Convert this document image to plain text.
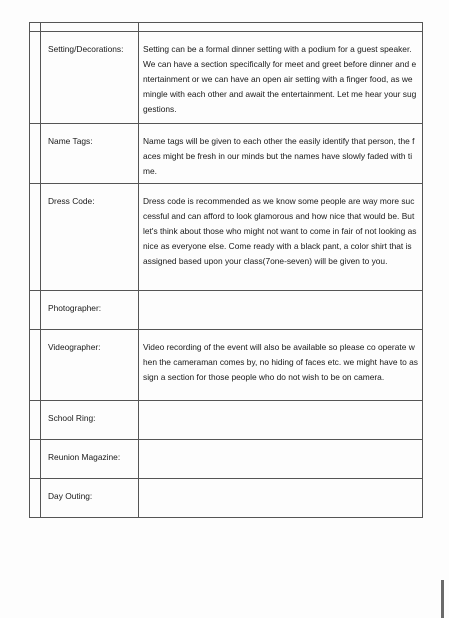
	Setting/Decorations:	Setting can be a formal dinner setting with a podium for a guest speaker. We can have a section specifically for meet and greet before dinner and entertainment or we can have an open air setting with a finger food, as we mingle with each other and await the entertainment. Let me hear your suggestions.

	Name Tags:	Name tags will be given to each other the easily identify that person, the faces might be fresh in our minds but the names have slowly faded with time.

	Dress Code:	Dress code is recommended as we know some people are way more successful and can afford to look glamorous and how nice that would be. But let's think about those who might not want to come in fair of not looking as nice as everyone else. Come ready with a black pant, a color shirt that is assigned based upon your class(7one-seven) will be given to you.

	Photographer:	

	Videographer:	Video recording of the event will also be available so please co operate when the cameraman comes by, no hiding of faces etc. we might have to assign a section for those people who do not wish to be on camera.

	School Ring:	

	Reunion Magazine:	

	Day Outing:	
